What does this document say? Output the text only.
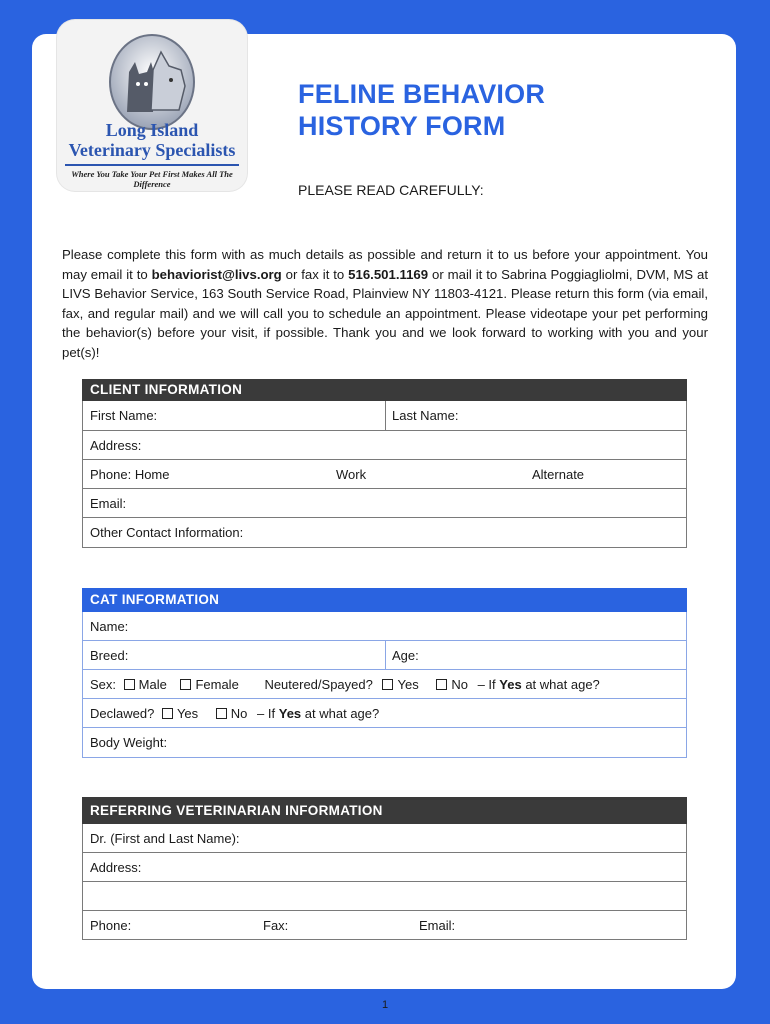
Long Island
Veterinary Specialists
Where You Take Your Pet First Makes All The Difference
FELINE BEHAVIOR
HISTORY FORM
PLEASE READ CAREFULLY:
Please complete this form with as much details as possible and return it to us before your appointment. You may email it to behaviorist@livs.org or fax it to 516.501.1169 or mail it to Sabrina Poggiagliolmi, DVM, MS at LIVS Behavior Service, 163 South Service Road, Plainview NY 11803-4121. Please return this form (via email, fax, and regular mail) and we will call you to schedule an appointment. Please videotape your pet performing the behavior(s) before your visit, if possible. Thank you and we look forward to working with you and your pet(s)!
CLIENT INFORMATION
First Name:	Last Name:
Address:
Phone: Home	Work	Alternate
Email:
Other Contact Information:
CAT INFORMATION
Name:
Breed:	Age:
Sex: Male Female Neutered/Spayed? Yes	No – If Yes at what age?
Declawed? Yes	No – If Yes at what age?
Body Weight:
REFERRING VETERINARIAN INFORMATION
Dr. (First and Last Name):
Address:
Phone:	Fax:	Email:
1
